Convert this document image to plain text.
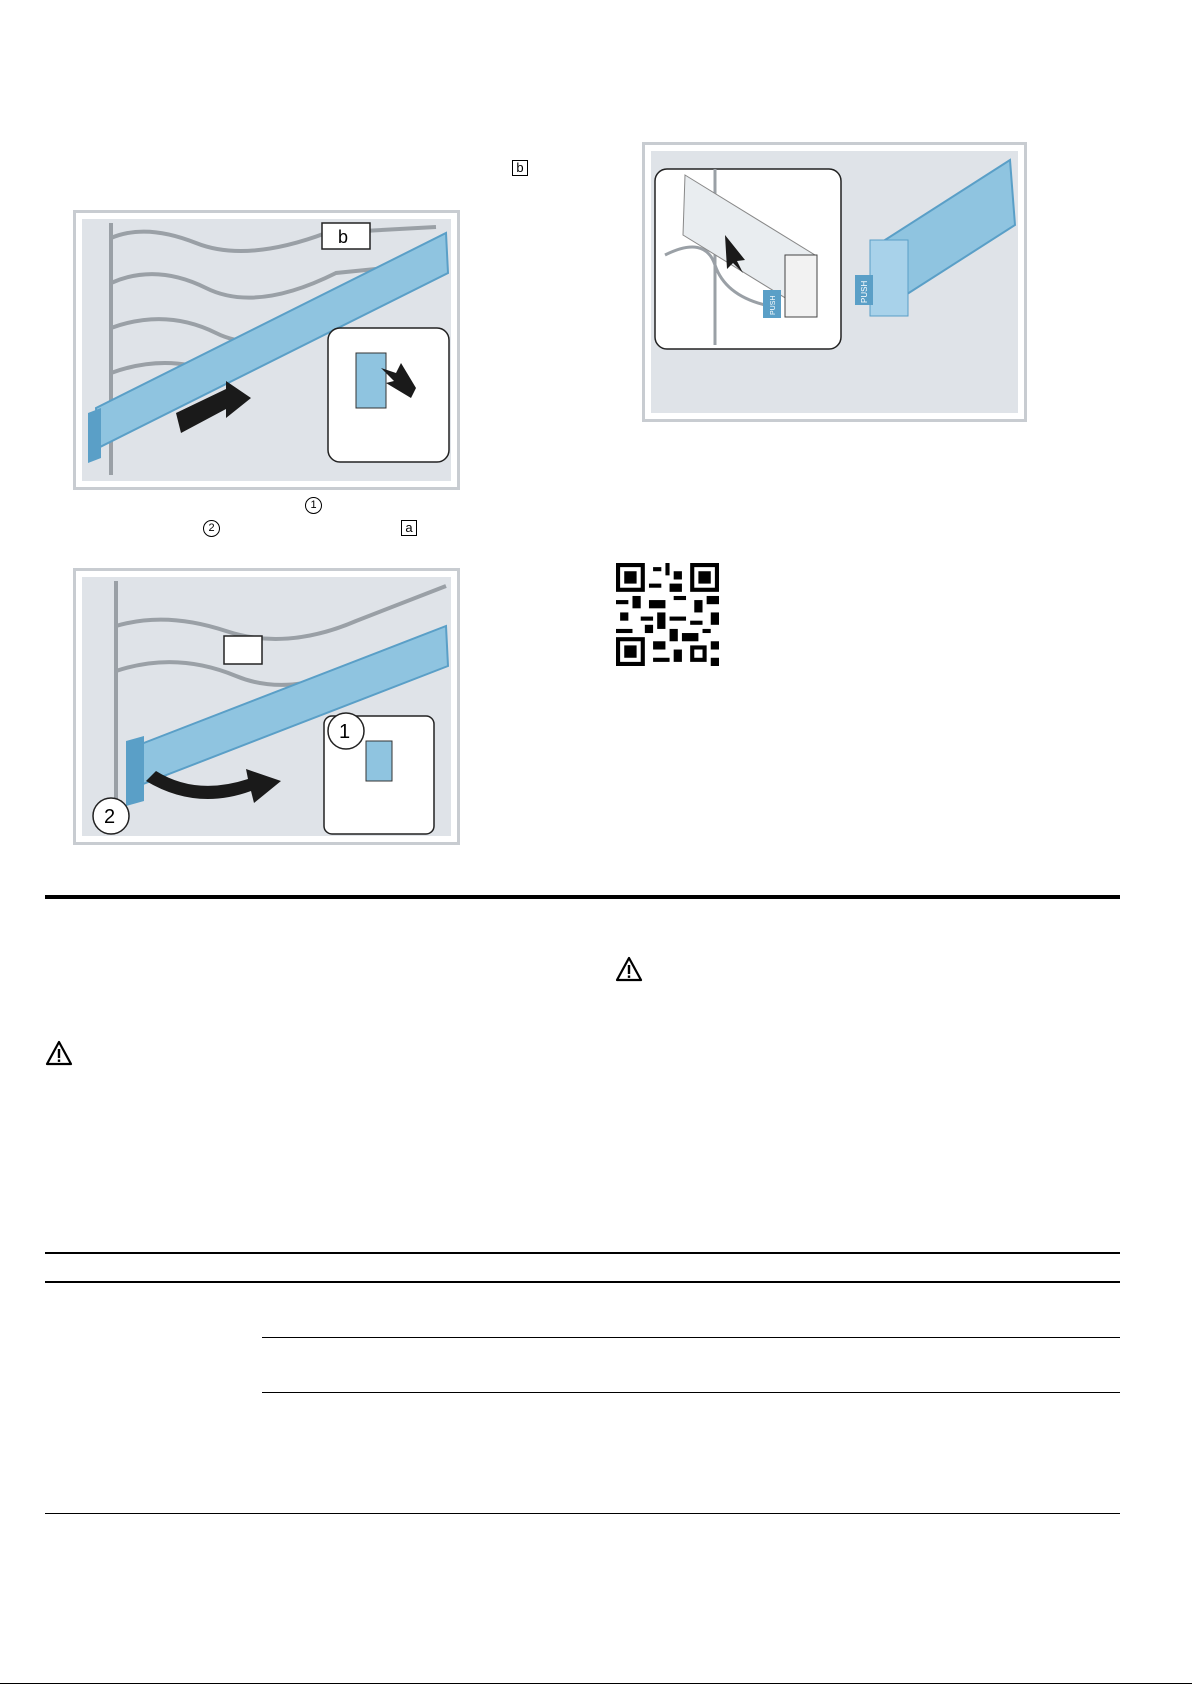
b
b
1
2	a
1
2
PUSH
PUSH
